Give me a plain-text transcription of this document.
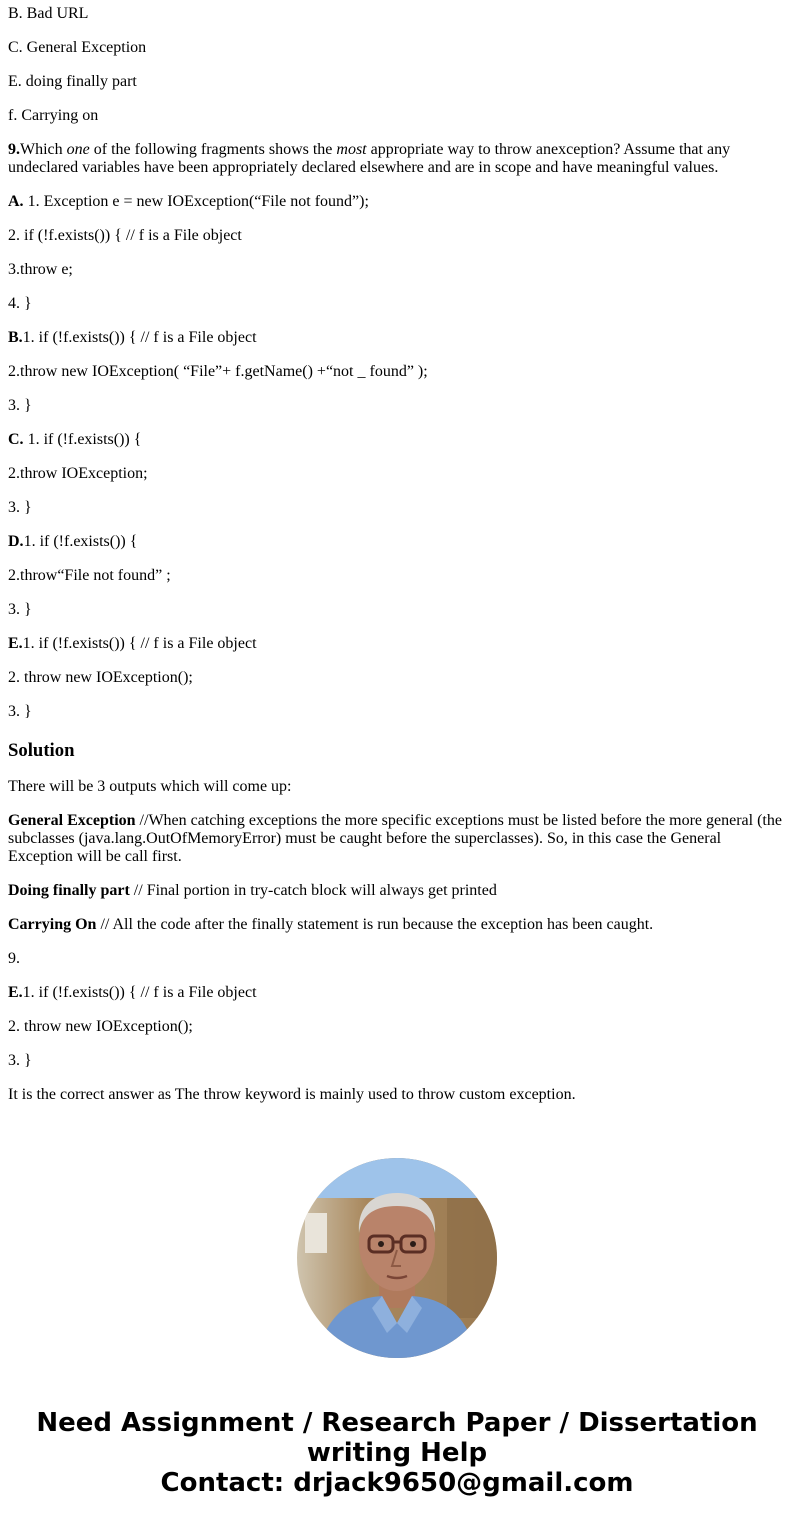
B. Bad URL

C. General Exception

E. doing finally part

f. Carrying on

9.Which one of the following fragments shows the most appropriate way to throw anexception? Assume that any undeclared variables have been appropriately declared elsewhere and are in scope and have meaningful values.

A. 1. Exception e = new IOException(“File not found”);

2. if (!f.exists()) { // f is a File object

3.throw e;

4. }

B.1. if (!f.exists()) { // f is a File object

2.throw new IOException( “File”+ f.getName() +“not _ found” );

3. }

C. 1. if (!f.exists()) {

2.throw IOException;

3. }

D.1. if (!f.exists()) {

2.throw“File not found” ;

3. }

E.1. if (!f.exists()) { // f is a File object

2. throw new IOException();

3. }

Solution

There will be 3 outputs which will come up:

General Exception //When catching exceptions the more specific exceptions must be listed before the more general (the subclasses (java.lang.OutOfMemoryError) must be caught before the superclasses). So, in this case the General Exception will be call first.

Doing finally part // Final portion in try-catch block will always get printed

Carrying On // All the code after the finally statement is run because the exception has been caught.

9.

E.1. if (!f.exists()) { // f is a File object

2. throw new IOException();

3. }

It is the correct answer as The throw keyword is mainly used to throw custom exception.

Need Assignment / Research Paper / Dissertation
writing Help
Contact: drjack9650@gmail.com
